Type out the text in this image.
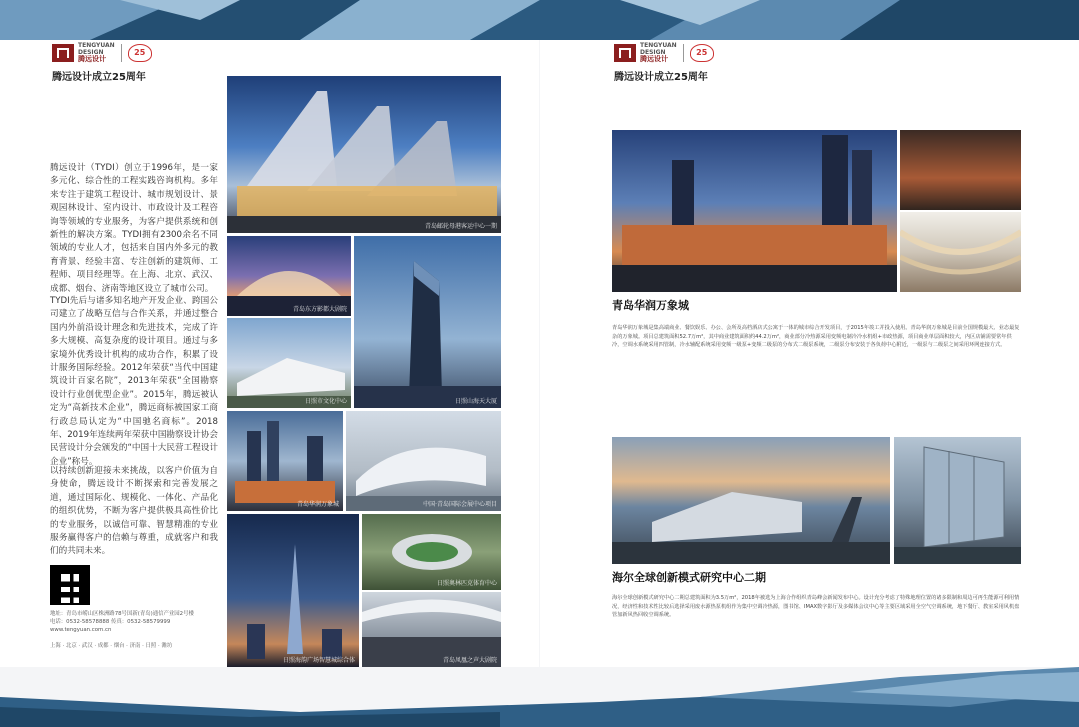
TENGYUAN
DESIGN
腾远设计
25
腾远设计成立25周年

腾远设计（TYDI）创立于1996年，是一家多元化、综合性的工程实践咨询机构。多年来专注于建筑工程设计、城市规划设计、景观园林设计、室内设计、市政设计及工程咨询等领域的专业服务，为客户提供系统和创新性的解决方案。TYDI拥有2300余名不同领域的专业人才，包括来自国内外多元的教育背景、经验丰富、专注创新的建筑师、工程师、项目经理等。在上海、北京、武汉、成都、烟台、济南等地区设立了城市公司。

TYDI先后与诸多知名地产开发企业、跨国公司建立了战略互信与合作关系，并通过整合国内外前沿设计理念和先进技术，完成了许多大规模、高复杂度的设计项目。通过与多家境外优秀设计机构的成功合作，积累了设计服务国际经验。2012年荣获“当代中国建筑设计百家名院”，2013年荣获“全国勘察设计行业创优型企业”。2015年，腾远被认定为“高新技术企业”，腾远商标被国家工商行政总局认定为“中国驰名商标”。2018年、2019年连续两年荣获中国勘察设计协会民营设计分会颁发的“中国十大民营工程设计企业”称号。

以持续创新迎接未来挑战，以客户价值为自身使命，腾远设计不断探索和完善发展之道，通过国际化、规模化、一体化、产品化的组织优势，不断为客户提供极具高性价比的专业服务，以诚信可靠、智慧精准的专业服务赢得客户的信赖与尊重，成就客户和我们的共同未来。

地址：青岛市崂山区株洲路78号国新(青岛)通信产业园2号楼
电话：0532-58578888 传真：0532-58579999
www.tengyuan.com.cn

上海 · 北京 · 武汉 · 成都 · 烟台 · 济南 · 日照 · 潍坊

青岛邮轮母港客运中心一期
青岛东方影都大剧院
日照市文化中心	日照山海天大厦
青岛华润万象城	中国·青岛国际会展中心项目
日照海韵广场智慧城综合体
日照奥林匹克体育中心
青岛凤凰之声大剧院
TENGYUAN
DESIGN
腾远设计
25
腾远设计成立25周年
青岛华润万象城

青岛华润万象城是集高端商业、餐饮娱乐、办公、会所及高档酒店式公寓于一体的城市综合开发项目，于2015年竣工并投入使用。青岛华润万象城是目前全国规模最大、业态最复杂的万象城。项目总建筑面积52.7万m²，其中商业建筑面积约44.2万m²，商业部分冷热源采用变频电制冷冷水机组+市政热源，项目商业单层面积较大，内区店铺需要常年供冷，空调水系统采用四管制，冷水辅配系统采用变频一级泵+变频二级泵的分布式二级泵系统，二级泵分布安装于各负荷中心附近，一级泵与二级泵之间采用环网连接方式。

海尔全球创新模式研究中心二期

海尔全球创新模式研究中心二期总建筑面积为3.5万m²，2018年被选为上海合作组织青岛峰会新闻发布中心。设计充分考虑了特殊地理位置的诸多限制和周边可再生能源可利用情况，经济性和技术性比较后选择采用废水源热泵机组作为集中空调冷热源，图书馆、IMAX数字影厅及多媒体会议中心等主要区域采用全空气空调系统，地下餐厅、教室采用风机盘管加新风热回收空调系统。
